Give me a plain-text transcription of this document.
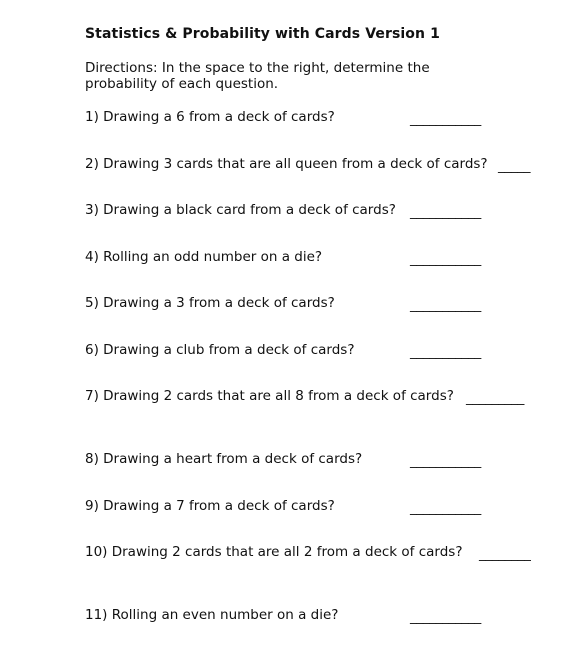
Statistics & Probability with Cards Version 1
Directions: In the space to the right, determine the
probability of each question.
1) Drawing a 6 from a deck of cards?	___________
2) Drawing 3 cards that are all queen from a deck of cards? _____
3) Drawing a black card from a deck of cards? ___________
4) Rolling an odd number on a die?	___________
5) Drawing a 3 from a deck of cards?	___________
6) Drawing a club from a deck of cards?	___________
7) Drawing 2 cards that are all 8 from a deck of cards? _________
8) Drawing a heart from a deck of cards?	___________
9) Drawing a 7 from a deck of cards?	___________
10) Drawing 2 cards that are all 2 from a deck of cards? ________
11) Rolling an even number on a die?	___________
